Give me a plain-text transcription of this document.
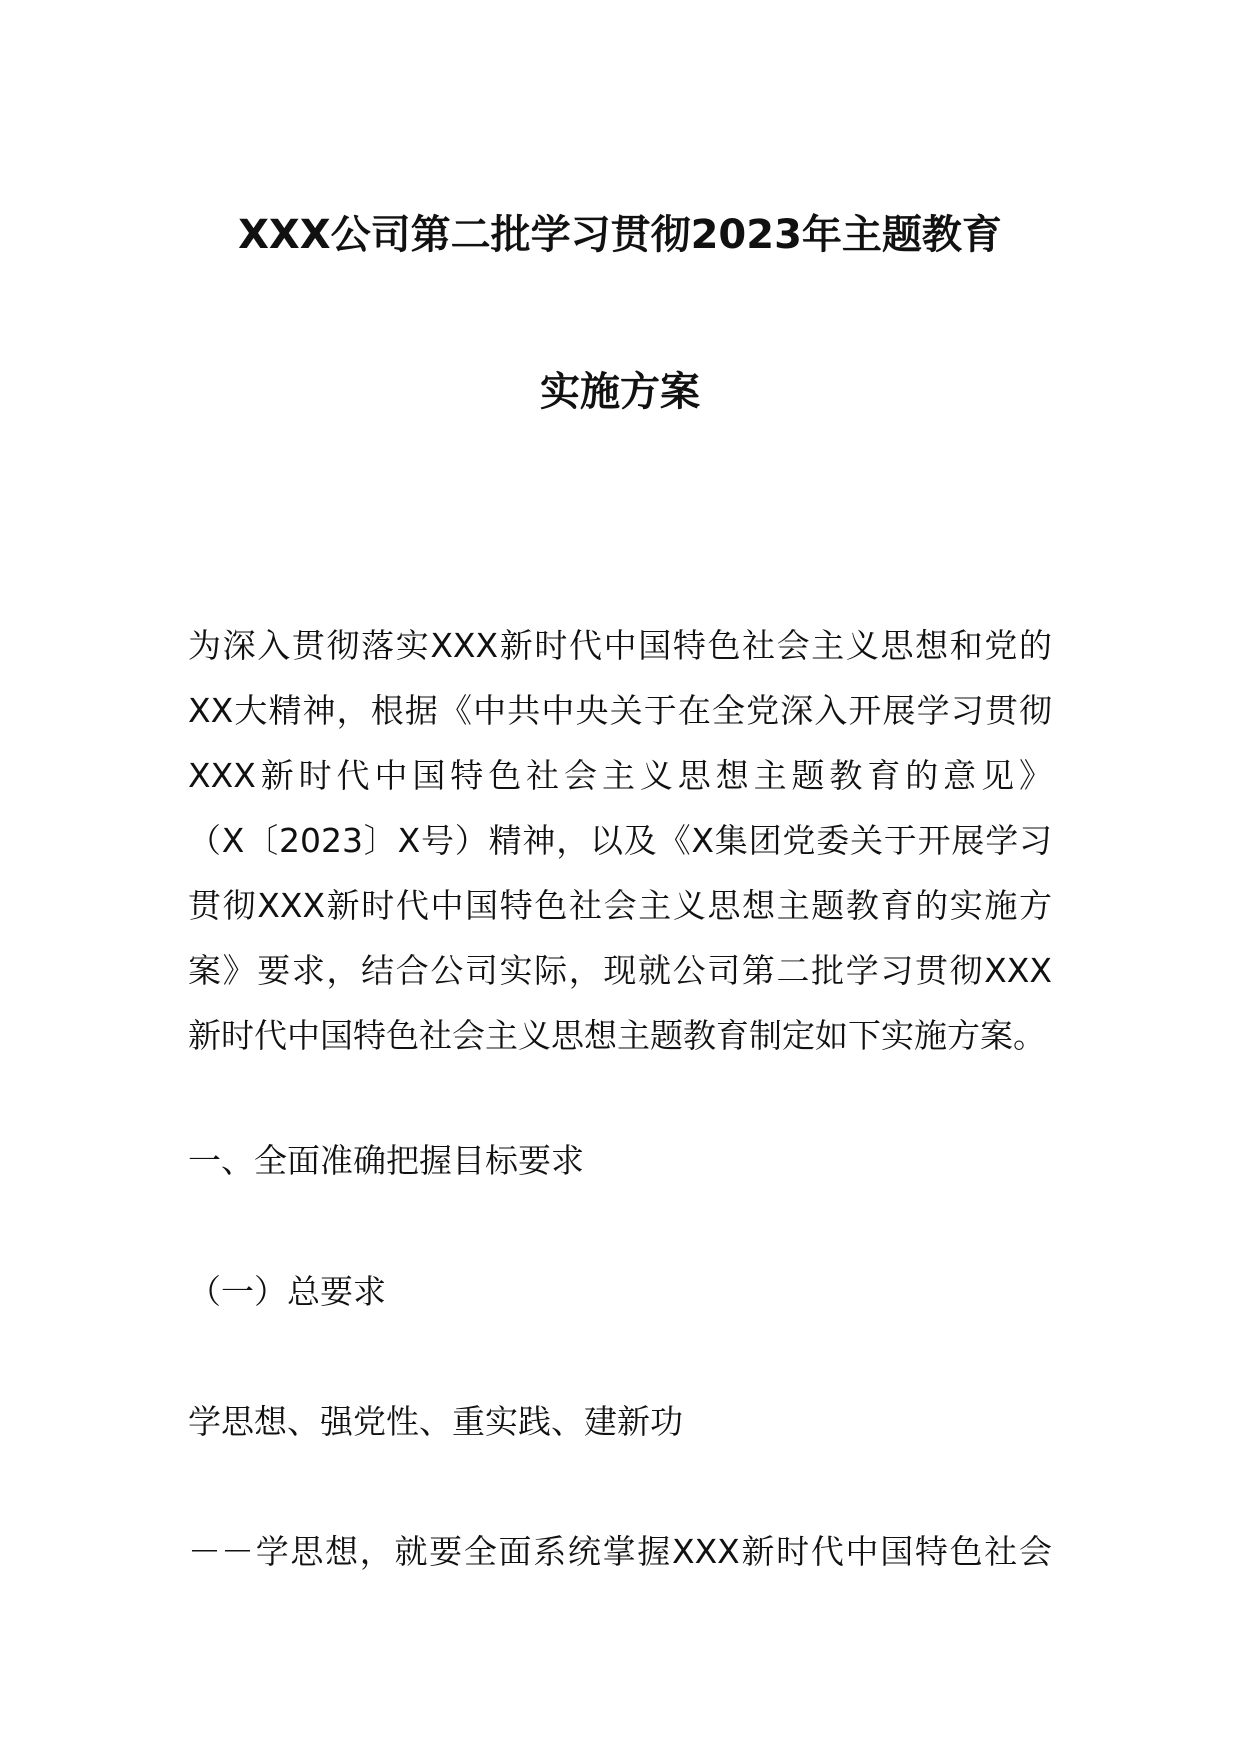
XXX公司第二批学习贯彻2023年主题教育
实施方案
为深入贯彻落实XXX新时代中国特色社会主义思想和党的
XX大精神，根据《中共中央关于在全党深入开展学习贯彻
XXX新时代中国特色社会主义思想主题教育的意见》
（X〔2023〕X号）精神，以及《X集团党委关于开展学习
贯彻XXX新时代中国特色社会主义思想主题教育的实施方
案》要求，结合公司实际，现就公司第二批学习贯彻XXX
新时代中国特色社会主义思想主题教育制定如下实施方案。
一、全面准确把握目标要求
（一）总要求
学思想、强党性、重实践、建新功
－－学思想，就要全面系统掌握XXX新时代中国特色社会
